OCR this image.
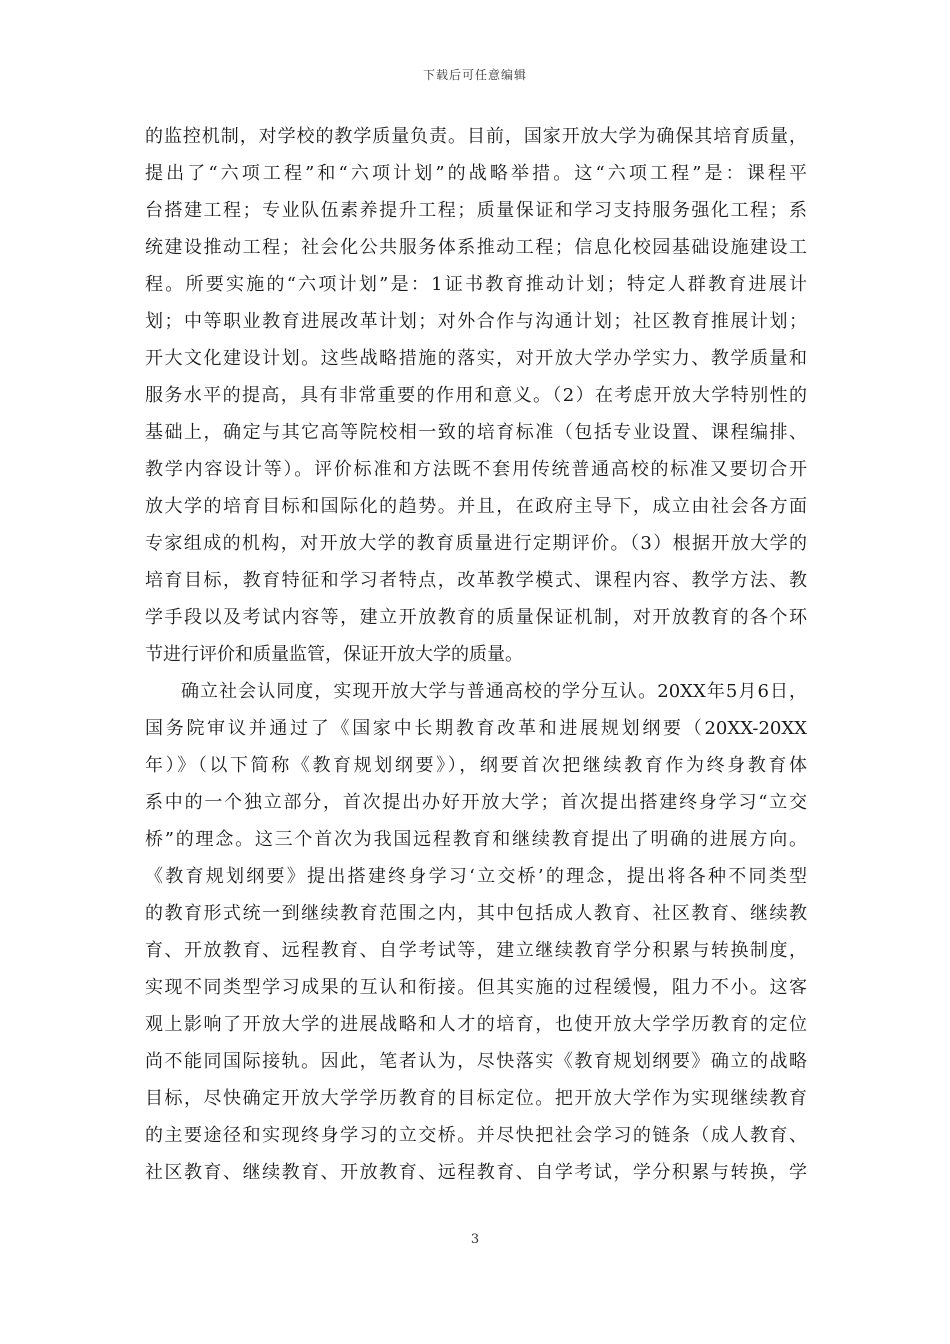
下载后可任意编辑
的监控机制，对学校的教学质量负责。目前，国家开放大学为确保其培育质量，
提出了“六项工程”和“六项计划”的战略举措。这“六项工程”是：课程平
台搭建工程；专业队伍素养提升工程；质量保证和学习支持服务强化工程；系
统建设推动工程；社会化公共服务体系推动工程；信息化校园基础设施建设工
程。所要实施的“六项计划”是：1证书教育推动计划；特定人群教育进展计
划；中等职业教育进展改革计划；对外合作与沟通计划；社区教育推展计划；
开大文化建设计划。这些战略措施的落实，对开放大学办学实力、教学质量和
服务水平的提高，具有非常重要的作用和意义。（2）在考虑开放大学特别性的
基础上，确定与其它高等院校相一致的培育标准（包括专业设置、课程编排、
教学内容设计等）。评价标准和方法既不套用传统普通高校的标准又要切合开
放大学的培育目标和国际化的趋势。并且，在政府主导下，成立由社会各方面
专家组成的机构，对开放大学的教育质量进行定期评价。（3）根据开放大学的
培育目标，教育特征和学习者特点，改革教学模式、课程内容、教学方法、教
学手段以及考试内容等，建立开放教育的质量保证机制，对开放教育的各个环
节进行评价和质量监管，保证开放大学的质量。
确立社会认同度，实现开放大学与普通高校的学分互认。20XX年5月6日，
国务院审议并通过了《国家中长期教育改革和进展规划纲要（20XX-20XX
年）》（以下简称《教育规划纲要》），纲要首次把继续教育作为终身教育体
系中的一个独立部分，首次提出办好开放大学；首次提出搭建终身学习“立交
桥”的理念。这三个首次为我国远程教育和继续教育提出了明确的进展方向。
《教育规划纲要》提出搭建终身学习‘立交桥’的理念，提出将各种不同类型
的教育形式统一到继续教育范围之内，其中包括成人教育、社区教育、继续教
育、开放教育、远程教育、自学考试等，建立继续教育学分积累与转换制度，
实现不同类型学习成果的互认和衔接。但其实施的过程缓慢，阻力不小。这客
观上影响了开放大学的进展战略和人才的培育，也使开放大学学历教育的定位
尚不能同国际接轨。因此，笔者认为，尽快落实《教育规划纲要》确立的战略
目标，尽快确定开放大学学历教育的目标定位。把开放大学作为实现继续教育
的主要途径和实现终身学习的立交桥。并尽快把社会学习的链条（成人教育、
社区教育、继续教育、开放教育、远程教育、自学考试，学分积累与转换，学
3
